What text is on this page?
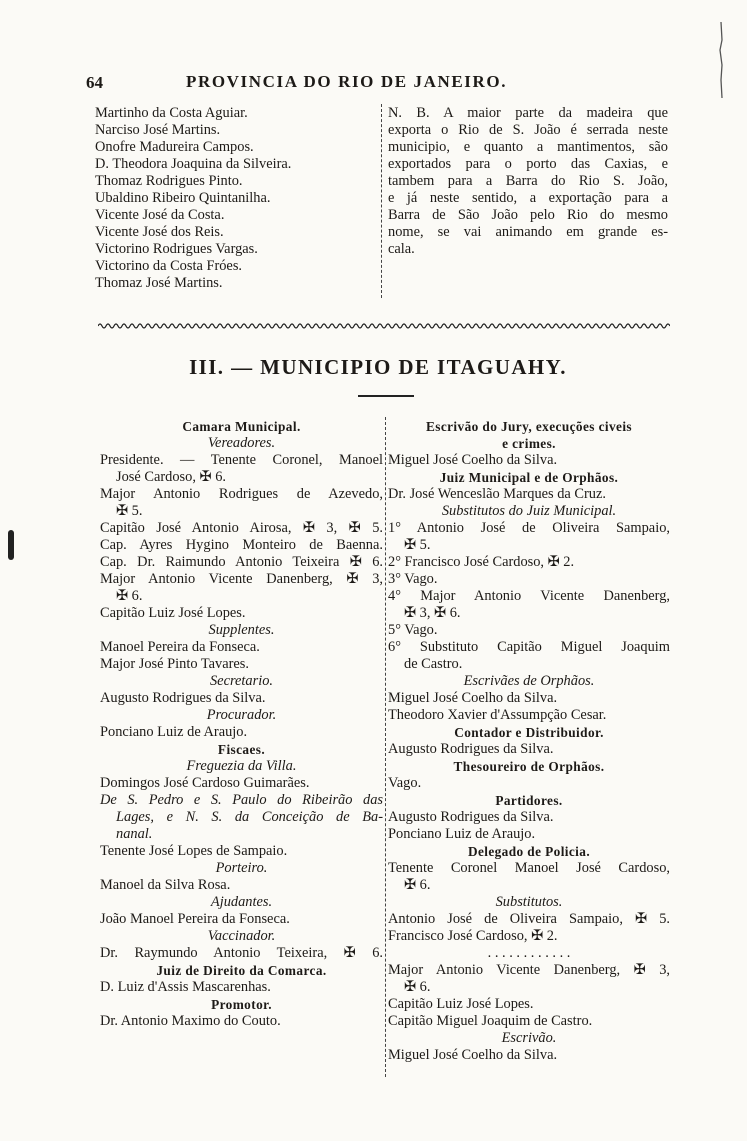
64	PROVINCIA DO RIO DE JANEIRO.
Martinho da Costa Aguiar.
Narciso José Martins.
Onofre Madureira Campos.
D. Theodora Joaquina da Silveira.
Thomaz Rodrigues Pinto.
Ubaldino Ribeiro Quintanilha.
Vicente José da Costa.
Vicente José dos Reis.
Victorino Rodrigues Vargas.
Victorino da Costa Fróes.
Thomaz José Martins.
N. B. A maior parte da madeira que
exporta o Rio de S. João é serrada neste
municipio, e quanto a mantimentos, são
exportados para o porto das Caxias, e
tambem para a Barra do Rio S. João,
e já neste sentido, a exportação para a
Barra de São João pelo Rio do mesmo
nome, se vai animando em grande es-
cala.
III. — MUNICIPIO DE ITAGUAHY.
Camara Municipal.
Vereadores.
Presidente. — Tenente Coronel, Manoel
José Cardoso, ✠ 6.
Major Antonio Rodrigues de Azevedo,
✠ 5.
Capitão José Antonio Airosa, ✠ 3, ✠ 5.
Cap. Ayres Hygino Monteiro de Baenna.
Cap. Dr. Raimundo Antonio Teixeira ✠ 6.
Major Antonio Vicente Danenberg, ✠ 3,
✠ 6.
Capitão Luiz José Lopes.
Supplentes.
Manoel Pereira da Fonseca.
Major José Pinto Tavares.
Secretario.
Augusto Rodrigues da Silva.
Procurador.
Ponciano Luiz de Araujo.
Fiscaes.
Freguezia da Villa.
Domingos José Cardoso Guimarães.
De S. Pedro e S. Paulo do Ribeirão das
Lages, e N. S. da Conceição de Ba-
nanal.
Tenente José Lopes de Sampaio.
Porteiro.
Manoel da Silva Rosa.
Ajudantes.
João Manoel Pereira da Fonseca.
Vaccinador.
Dr. Raymundo Antonio Teixeira, ✠ 6.
Juiz de Direito da Comarca.
D. Luiz d'Assis Mascarenhas.
Promotor.
Dr. Antonio Maximo do Couto.
Escrivão do Jury, execuções civeis
e crimes.
Miguel José Coelho da Silva.
Juiz Municipal e de Orphãos.
Dr. José Wenceslão Marques da Cruz.
Substitutos do Juiz Municipal.
1° Antonio José de Oliveira Sampaio,
✠ 5.
2° Francisco José Cardoso, ✠ 2.
3° Vago.
4° Major Antonio Vicente Danenberg,
✠ 3, ✠ 6.
5° Vago.
6° Substituto Capitão Miguel Joaquim
de Castro.
Escrivães de Orphãos.
Miguel José Coelho da Silva.
Theodoro Xavier d'Assumpção Cesar.
Contador e Distribuidor.
Augusto Rodrigues da Silva.
Thesoureiro de Orphãos.
Vago.
Partidores.
Augusto Rodrigues da Silva.
Ponciano Luiz de Araujo.
Delegado de Policia.
Tenente Coronel Manoel José Cardoso,
✠ 6.
Substitutos.
Antonio José de Oliveira Sampaio, ✠ 5.
Francisco José Cardoso, ✠ 2.
. . . . . . . . . . . .
Major Antonio Vicente Danenberg, ✠ 3,
✠ 6.
Capitão Luiz José Lopes.
Capitão Miguel Joaquim de Castro.
Escrivão.
Miguel José Coelho da Silva.
